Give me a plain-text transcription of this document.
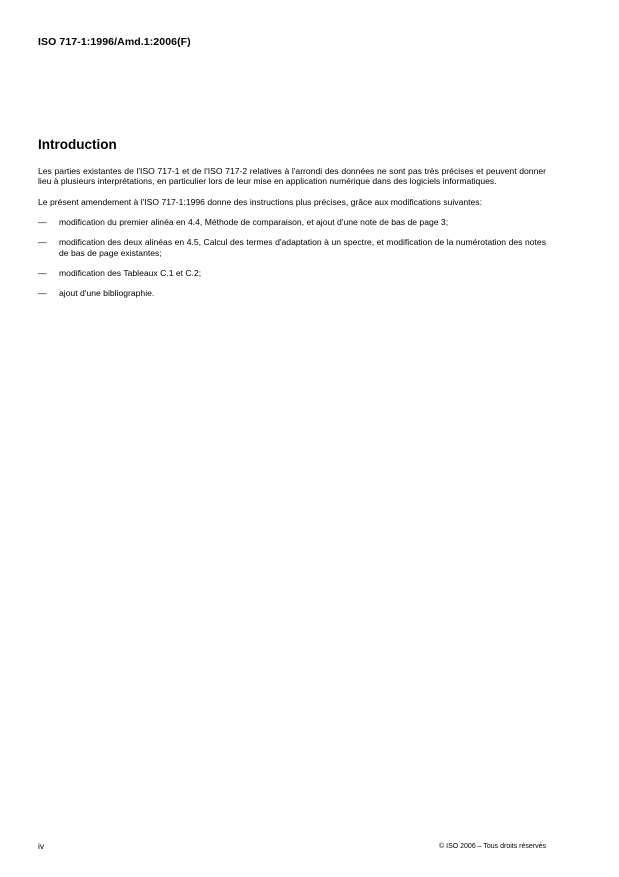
ISO 717-1:1996/Amd.1:2006(F)
Introduction

Les parties existantes de l'ISO 717-1 et de l'ISO 717-2 relatives à l'arrondi des données ne sont pas très précises et peuvent donner lieu à plusieurs interprétations, en particulier lors de leur mise en application numérique dans des logiciels informatiques.

Le présent amendement à l'ISO 717-1:1996 donne des instructions plus précises, grâce aux modifications suivantes:

— modification du premier alinéa en 4.4, Méthode de comparaison, et ajout d'une note de bas de page 3;
— modification des deux alinéas en 4.5, Calcul des termes d'adaptation à un spectre, et modification de la numérotation des notes de bas de page existantes;
— modification des Tableaux C.1 et C.2;
— ajout d'une bibliographie.
iv	© ISO 2006 – Tous droits réservés
